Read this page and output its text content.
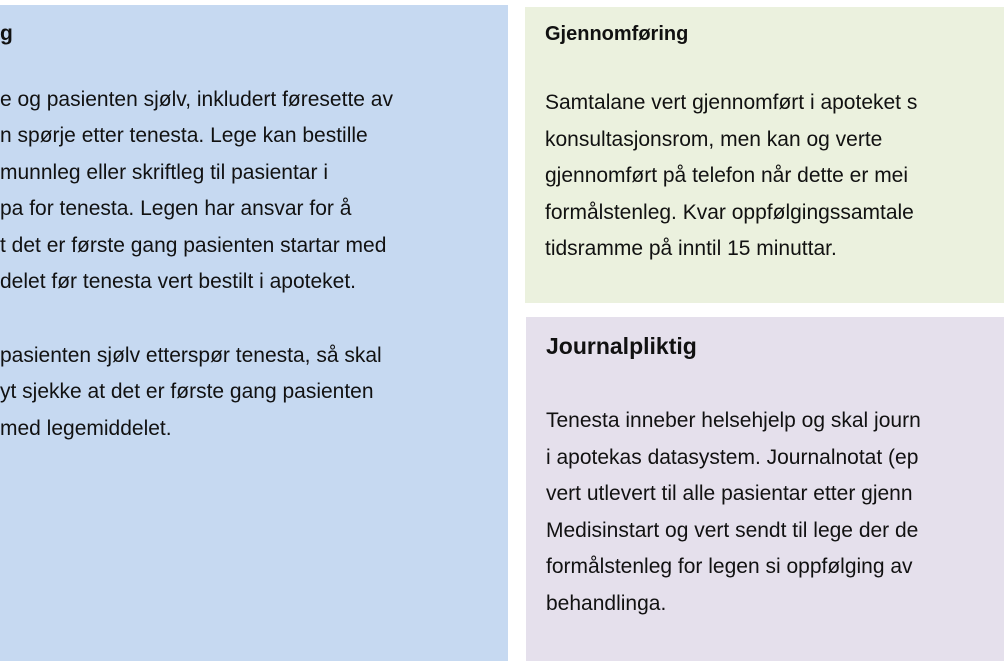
g

e og pasienten sjølv, inkludert føresette av

n spørje etter tenesta. Lege kan bestille

munnleg eller skriftleg til pasientar i

pa for tenesta. Legen har ansvar for å

t det er første gang pasienten startar med

delet før tenesta vert bestilt i apoteket.

pasienten sjølv etterspør tenesta, så skal

yt sjekke at det er første gang pasienten

med legemiddelet.

Gjennomføring

Samtalane vert gjennomført i apoteket s

konsultasjonsrom, men kan og verte

gjennomført på telefon når dette er mei

formålstenleg. Kvar oppfølgingssamtale

tidsramme på inntil 15 minuttar.

Journalpliktig

Tenesta inneber helsehjelp og skal journ

i apotekas datasystem. Journalnotat (ep

vert utlevert til alle pasientar etter gjenn

Medisinstart og vert sendt til lege der de

formålstenleg for legen si oppfølging av

behandlinga.
